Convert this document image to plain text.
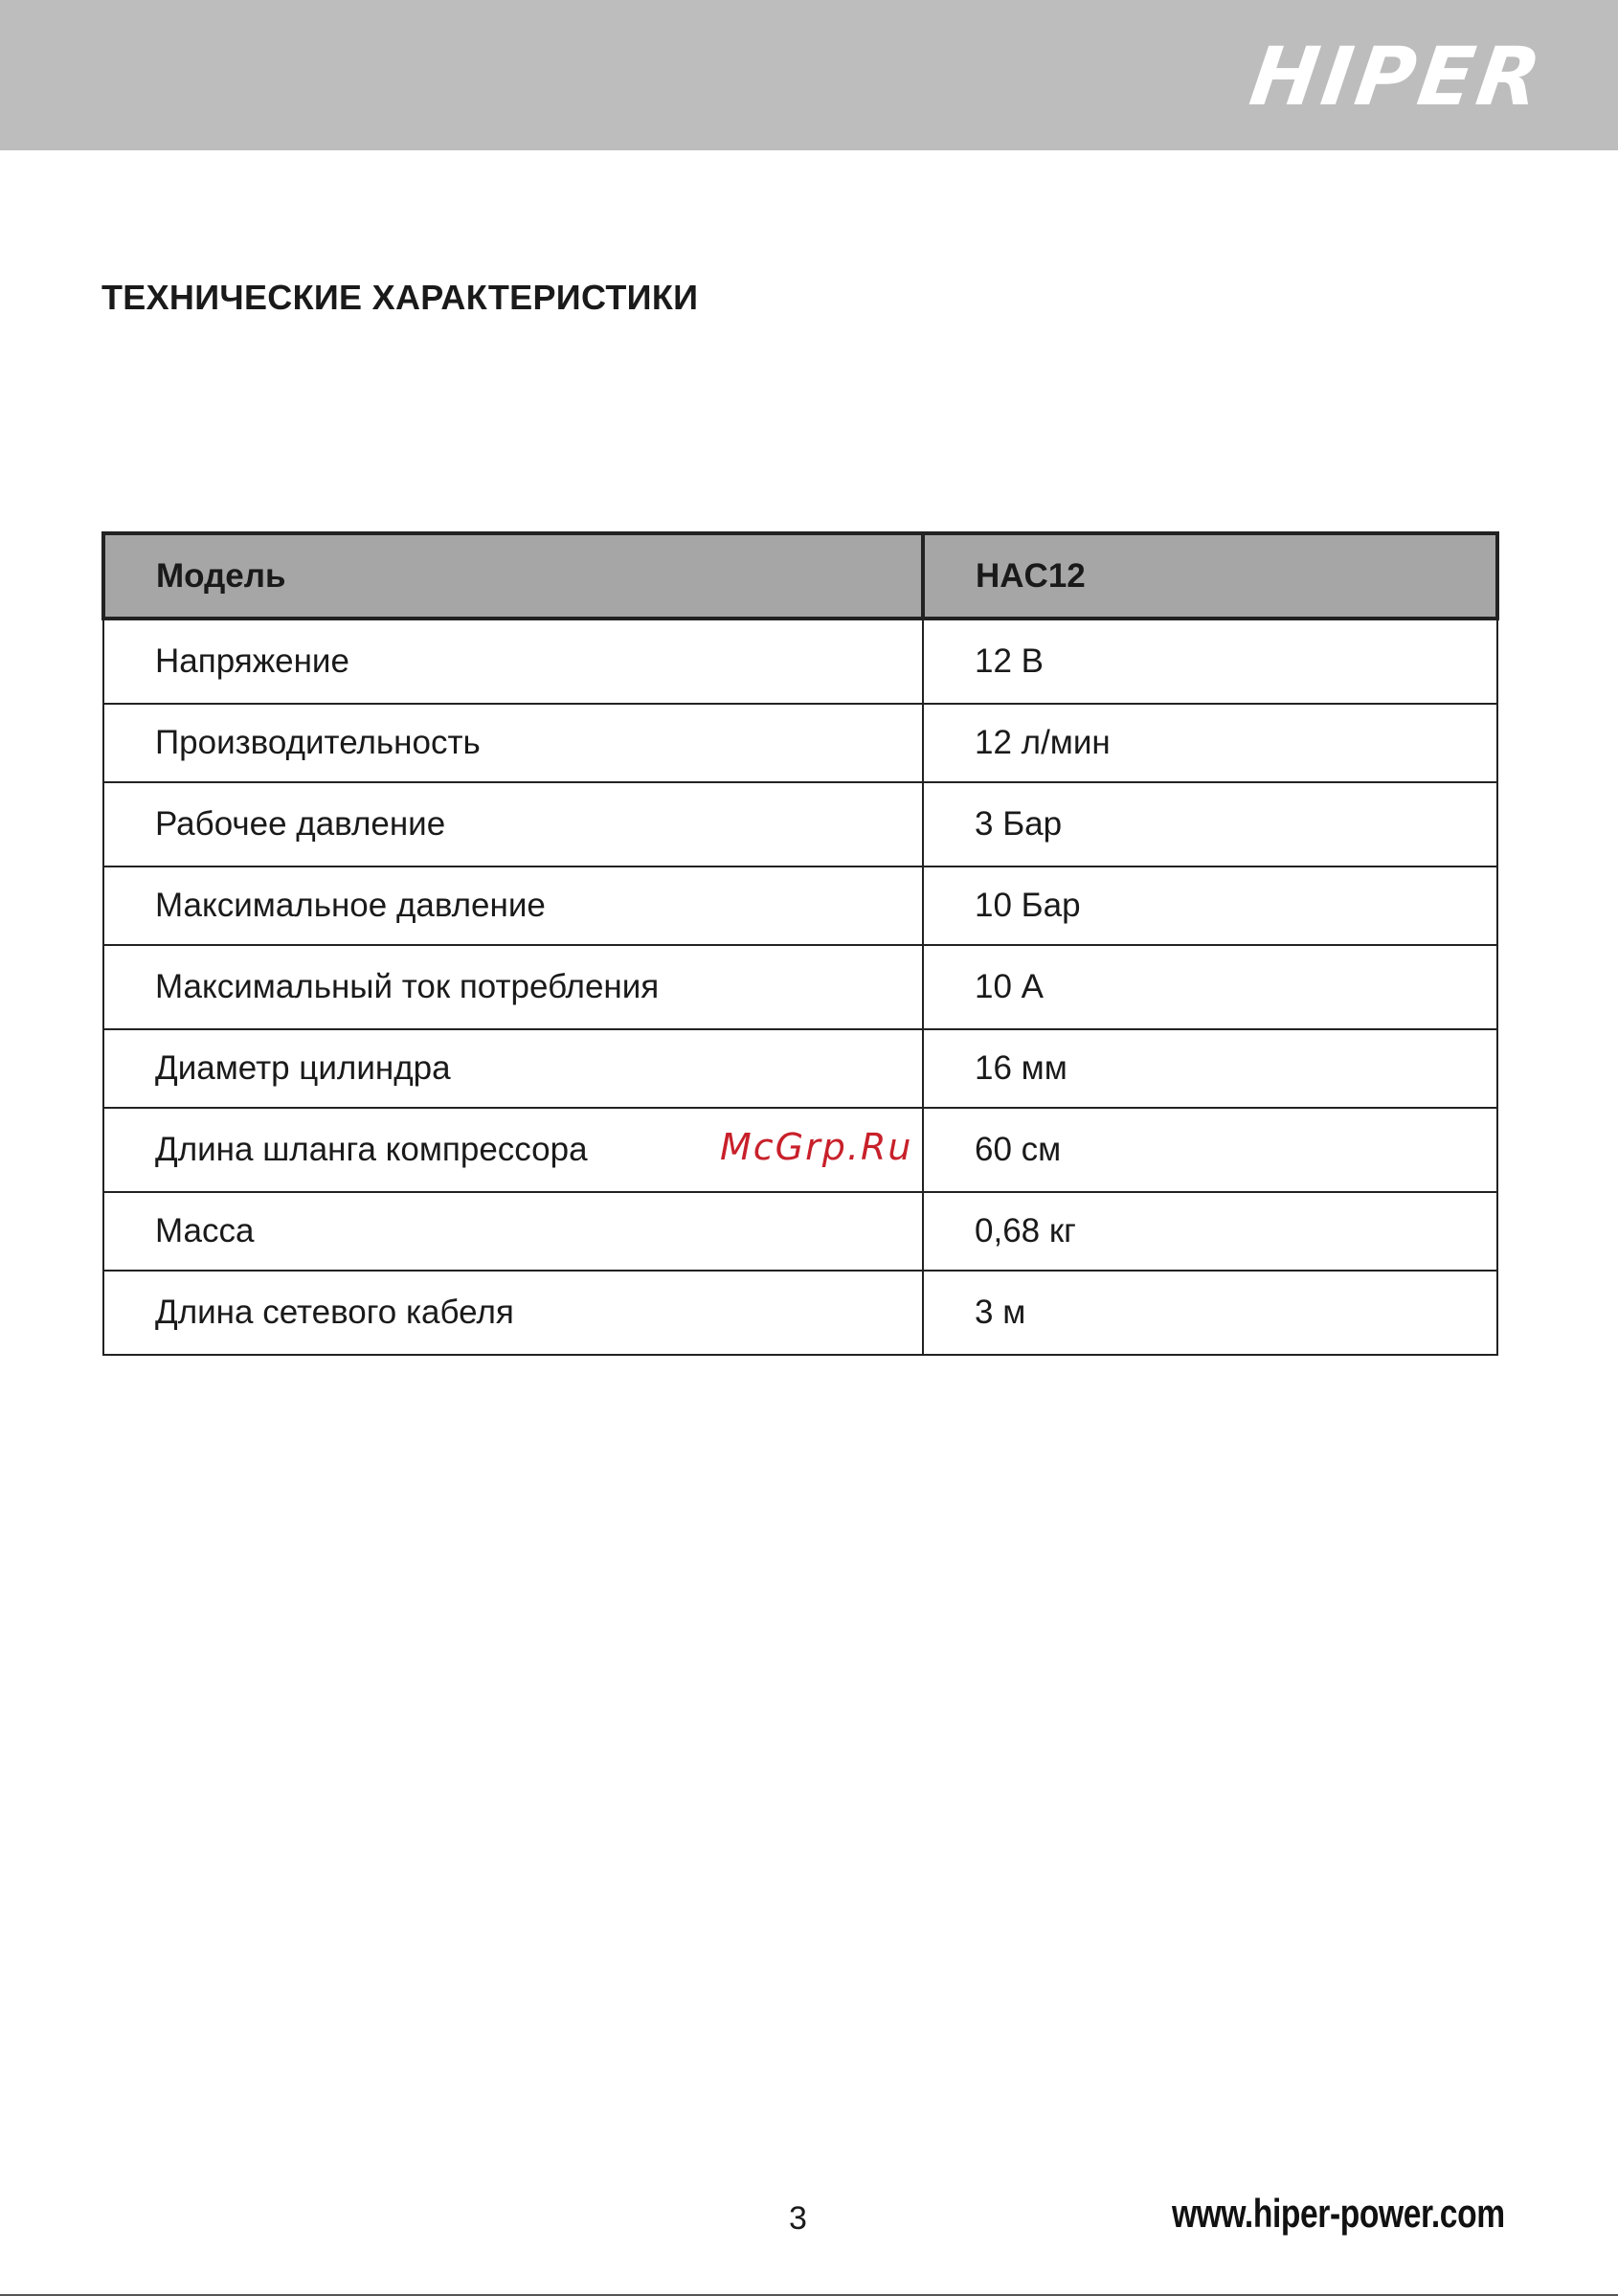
HIPER
ТЕХНИЧЕСКИЕ ХАРАКТЕРИСТИКИ
Модель	HAC12
Напряжение	12 В
Производительность	12 л/мин
Рабочее давление	3 Бар
Максимальное давление	10 Бар
Максимальный ток потребления	10 А
Диаметр цилиндра	16 мм
Длина шланга компрессора	60 см
Масса	0,68 кг
Длина сетевого кабеля	3 м
McGrp.Ru
3	www.hiper-power.com
